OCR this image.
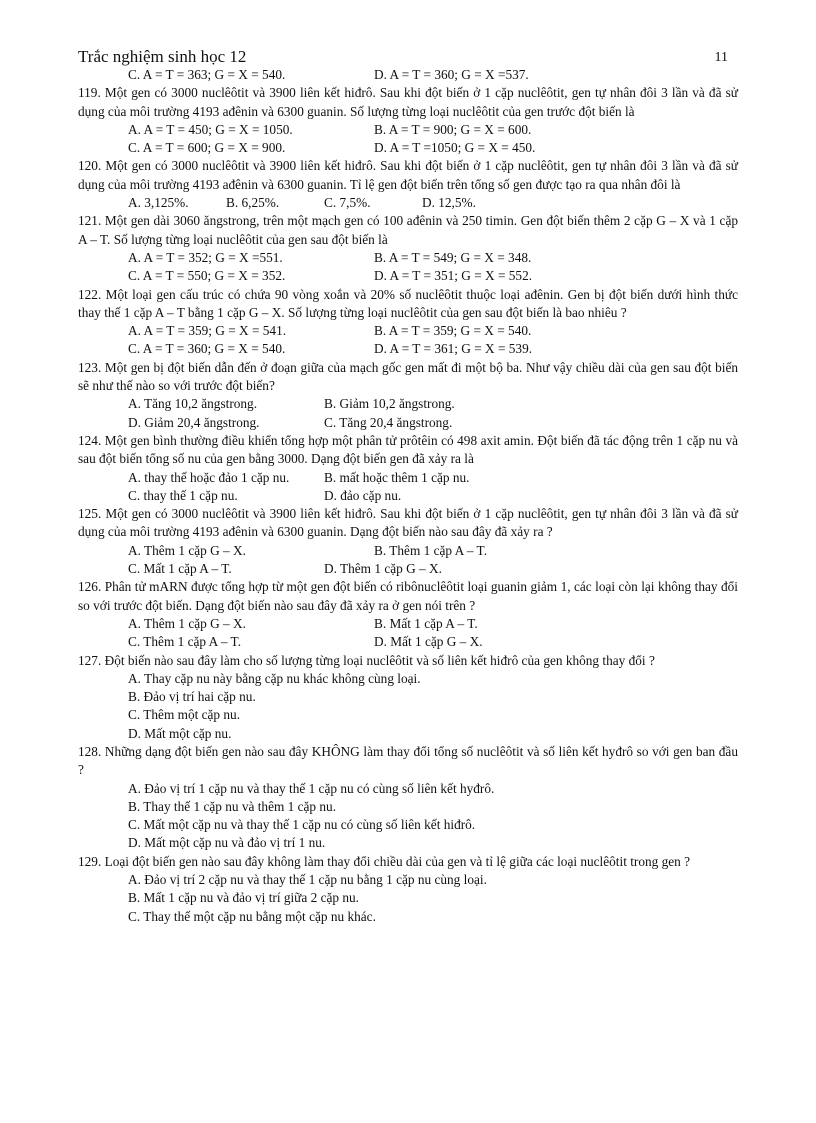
Trắc nghiệm sinh học 12	11
C. A = T = 363; G = X = 540.	D. A = T = 360; G = X =537.
119. Một gen có 3000 nuclêôtit và 3900 liên kết hiđrô. Sau khi đột biến ở 1 cặp nuclêôtit, gen tự nhân đôi 3 lần và đã sử dụng của môi trường 4193 ađênin và 6300 guanin. Số lượng từng loại nuclêôtit của gen trước đột biến là
A. A = T = 450; G = X = 1050.	B. A = T = 900; G = X = 600.
C. A = T = 600; G = X = 900.	D. A = T =1050; G = X = 450.
120. Một gen có 3000 nuclêôtit và 3900 liên kết hiđrô. Sau khi đột biến ở 1 cặp nuclêôtit, gen tự nhân đôi 3 lần và đã sử dụng của môi trường 4193 ađênin và 6300 guanin. Tỉ lệ gen đột biến trên tổng số gen được tạo ra qua nhân đôi là
A. 3,125%.	B. 6,25%.	C. 7,5%.	D. 12,5%.
121. Một gen dài 3060 ăngstrong, trên một mạch gen có 100 ađênin và 250 timin. Gen đột biến thêm 2 cặp G – X và 1 cặp A – T. Số lượng từng loại nuclêôtit của gen sau đột biến là
A. A = T = 352; G = X =551.	B. A = T = 549; G = X = 348.
C. A = T = 550; G = X = 352.	D. A = T = 351; G = X = 552.
122. Một loại gen cấu trúc có chứa 90 vòng xoắn và 20% số nuclêôtit thuộc loại ađênin. Gen bị đột biến dưới hình thức thay thế 1 cặp A – T bằng 1 cặp G – X. Số lượng từng loại nuclêôtit của gen sau đột biến là bao nhiêu ?
A. A = T = 359; G = X = 541.	B. A = T = 359; G = X = 540.
C. A = T = 360; G = X = 540.	D. A = T = 361; G = X = 539.
123. Một gen bị đột biến dẫn đến ở đoạn giữa của mạch gốc gen mất đi một bộ ba. Như vậy chiều dài của gen sau đột biến sẽ như thế nào so với trước đột biến?
A. Tăng 10,2 ăngstrong.	B. Giảm 10,2 ăngstrong.
D. Giảm 20,4 ăngstrong.	C. Tăng 20,4 ăngstrong.
124. Một gen bình thường điều khiển tổng hợp một phân tử prôtêin có 498 axit amin. Đột biến đã tác động trên 1 cặp nu và sau đột biến tổng số nu của gen bằng 3000. Dạng đột biến gen đã xảy ra là
A. thay thế hoặc đảo 1 cặp nu.	B. mất hoặc thêm 1 cặp nu.
C. thay thế 1 cặp nu.	D. đảo cặp nu.
125. Một gen có 3000 nuclêôtit và 3900 liên kết hiđrô. Sau khi đột biến ở 1 cặp nuclêôtit, gen tự nhân đôi 3 lần và đã sử dụng của môi trường 4193 ađênin và 6300 guanin. Dạng đột biến nào sau đây đã xảy ra ?
A. Thêm 1 cặp G – X.	B. Thêm 1 cặp A – T.
C. Mất 1 cặp A – T.	D. Thêm 1 cặp G – X.
126. Phân tử mARN được tổng hợp từ một gen đột biến có ribônuclêôtit loại guanin giảm 1, các loại còn lại không thay đổi so với trước đột biến. Dạng đột biến nào sau đây đã xảy ra ở gen nói trên ?
A. Thêm 1 cặp G – X.	B. Mất 1 cặp A – T.
C. Thêm 1 cặp A – T.	D. Mất 1 cặp G – X.
127. Đột biến nào sau đây làm cho số lượng từng loại nuclêôtit và số liên kết hiđrô của gen không thay đổi ?
A. Thay cặp nu này bằng cặp nu khác không cùng loại.
B. Đảo vị trí hai cặp nu.
C. Thêm một cặp nu.
D. Mất một cặp nu.
128. Những dạng đột biến gen nào sau đây KHÔNG làm thay đổi tổng số nuclêôtit và số liên kết hyđrô so với gen ban đầu ?
A. Đảo vị trí 1 cặp nu và thay thế 1 cặp nu có cùng số liên kết hyđrô.
B. Thay thế 1 cặp nu và thêm 1 cặp nu.
C. Mất một cặp nu và thay thế 1 cặp nu có cùng số liên kết hiđrô.
D. Mất một cặp nu và đảo vị trí 1 nu.
129. Loại đột biến gen nào sau đây không làm thay đổi chiều dài của gen và tỉ lệ giữa các loại nuclêôtit trong gen ?
A. Đảo vị trí 2 cặp nu và thay thế 1 cặp nu bằng 1 cặp nu cùng loại.
B. Mất 1 cặp nu và đảo vị trí giữa 2 cặp nu.
C. Thay thế một cặp nu bằng một cặp nu khác.
